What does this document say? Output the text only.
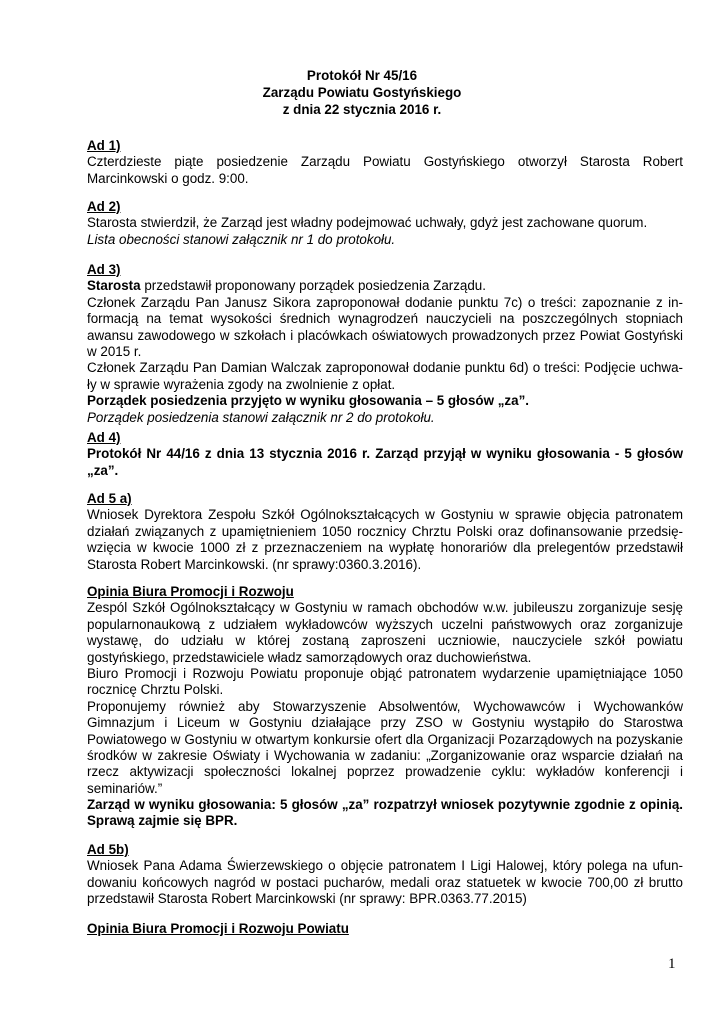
Protokół Nr 45/16
Zarządu Powiatu Gostyńskiego
z dnia 22 stycznia 2016 r.
Ad 1)
Czterdzieste piąte posiedzenie Zarządu Powiatu Gostyńskiego otworzył Starosta Robert
Marcinkowski o godz. 9:00.
Ad 2)
Starosta stwierdził, że Zarząd jest władny podejmować uchwały, gdyż jest zachowane quorum.
Lista obecności stanowi załącznik nr 1 do protokołu.
Ad 3)
Starosta przedstawił proponowany porządek posiedzenia Zarządu.
Członek Zarządu Pan Janusz Sikora zaproponował dodanie punktu 7c) o treści: zapoznanie z in-
formacją na temat wysokości średnich wynagrodzeń nauczycieli na poszczególnych stopniach
awansu zawodowego w szkołach i placówkach oświatowych prowadzonych przez Powiat Gostyński
w 2015 r.
Członek Zarządu Pan Damian Walczak zaproponował dodanie punktu 6d) o treści: Podjęcie uchwa-
ły w sprawie wyrażenia zgody na zwolnienie z opłat.
Porządek posiedzenia przyjęto w wyniku głosowania – 5 głosów „za”.
Porządek posiedzenia stanowi załącznik nr 2 do protokołu.
Ad 4)
Protokół Nr 44/16 z dnia 13 stycznia 2016 r. Zarząd przyjął w wyniku głosowania - 5 głosów
„za”.
Ad 5 a)
Wniosek Dyrektora Zespołu Szkół Ogólnokształcących w Gostyniu w sprawie objęcia patronatem
działań związanych z upamiętnieniem 1050 rocznicy Chrztu Polski oraz dofinansowanie przedsię-
wzięcia w kwocie 1000 zł z przeznaczeniem na wypłatę honorariów dla prelegentów przedstawił
Starosta Robert Marcinkowski. (nr sprawy:0360.3.2016).
Opinia Biura Promocji i Rozwoju
Zespól Szkół Ogólnokształcący w Gostyniu w ramach obchodów w.w. jubileuszu zorganizuje sesję
popularnonaukową z udziałem wykładowców wyższych uczelni państwowych oraz zorganizuje
wystawę, do udziału w której zostaną zaproszeni uczniowie, nauczyciele szkół powiatu
gostyńskiego, przedstawiciele władz samorządowych oraz duchowieństwa.
Biuro Promocji i Rozwoju Powiatu proponuje objąć patronatem wydarzenie upamiętniające 1050
rocznicę Chrztu Polski.
Proponujemy również aby Stowarzyszenie Absolwentów, Wychowawców i Wychowanków
Gimnazjum i Liceum w Gostyniu działające przy ZSO w Gostyniu wystąpiło do Starostwa
Powiatowego w Gostyniu w otwartym konkursie ofert dla Organizacji Pozarządowych na pozyskanie
środków w zakresie Oświaty i Wychowania w zadaniu: „Zorganizowanie oraz wsparcie działań na
rzecz aktywizacji społeczności lokalnej poprzez prowadzenie cyklu: wykładów konferencji i
seminariów.”
Zarząd w wyniku głosowania: 5 głosów „za” rozpatrzył wniosek pozytywnie zgodnie z opinią.
Sprawą zajmie się BPR.
Ad 5b)
Wniosek Pana Adama Świerzewskiego o objęcie patronatem I Ligi Halowej, który polega na ufun-
dowaniu końcowych nagród w postaci pucharów, medali oraz statuetek w kwocie 700,00 zł brutto
przedstawił Starosta Robert Marcinkowski (nr sprawy: BPR.0363.77.2015)
Opinia Biura Promocji i Rozwoju Powiatu
1
